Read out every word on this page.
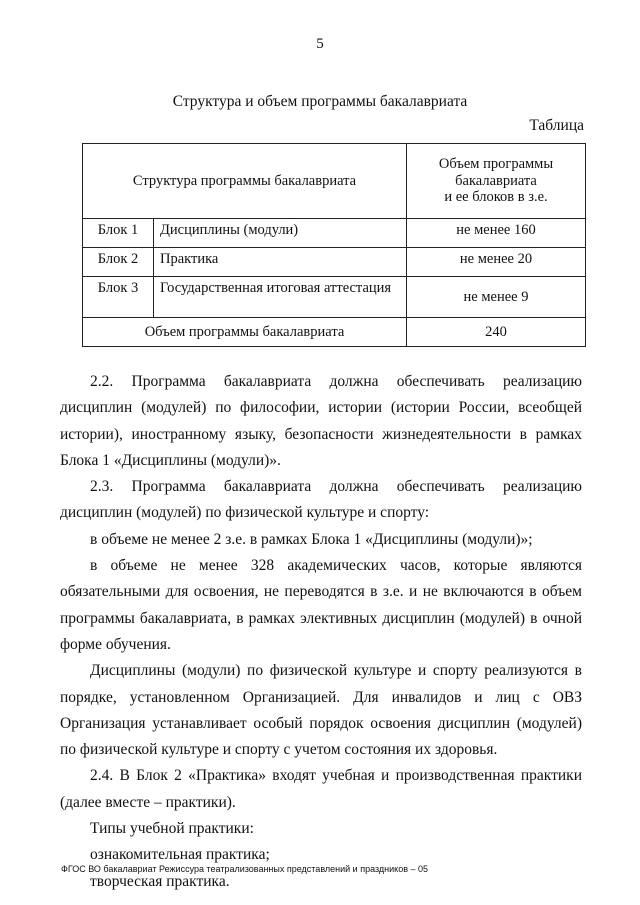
5
Структура и объем программы бакалавриата
Таблица
Структура программы бакалавриата		Объем программы
бакалавриата
и ее блоков в з.е.
Блок 1	Дисциплины (модули)	не менее 160
Блок 2	Практика	не менее 20
Блок 3	Государственная итоговая аттестация	не менее 9
Объем программы бакалавриата		240

2.2. Программа бакалавриата должна обеспечивать реализацию дисциплин (модулей) по философии, истории (истории России, всеобщей истории), иностранному языку, безопасности жизнедеятельности в рамках Блока 1 «Дисциплины (модули)».

2.3. Программа бакалавриата должна обеспечивать реализацию дисциплин (модулей) по физической культуре и спорту:

в объеме не менее 2 з.е. в рамках Блока 1 «Дисциплины (модули)»;

в объеме не менее 328 академических часов, которые являются обязательными для освоения, не переводятся в з.е. и не включаются в объем программы бакалавриата, в рамках элективных дисциплин (модулей) в очной форме обучения.

Дисциплины (модули) по физической культуре и спорту реализуются в порядке, установленном Организацией. Для инвалидов и лиц с ОВЗ Организация устанавливает особый порядок освоения дисциплин (модулей) по физической культуре и спорту с учетом состояния их здоровья.

2.4. В Блок 2 «Практика» входят учебная и производственная практики (далее вместе – практики).

Типы учебной практики:

ознакомительная практика;

творческая практика.

ФГОС ВО бакалавриат Режиссура театрализованных представлений и праздников – 05
